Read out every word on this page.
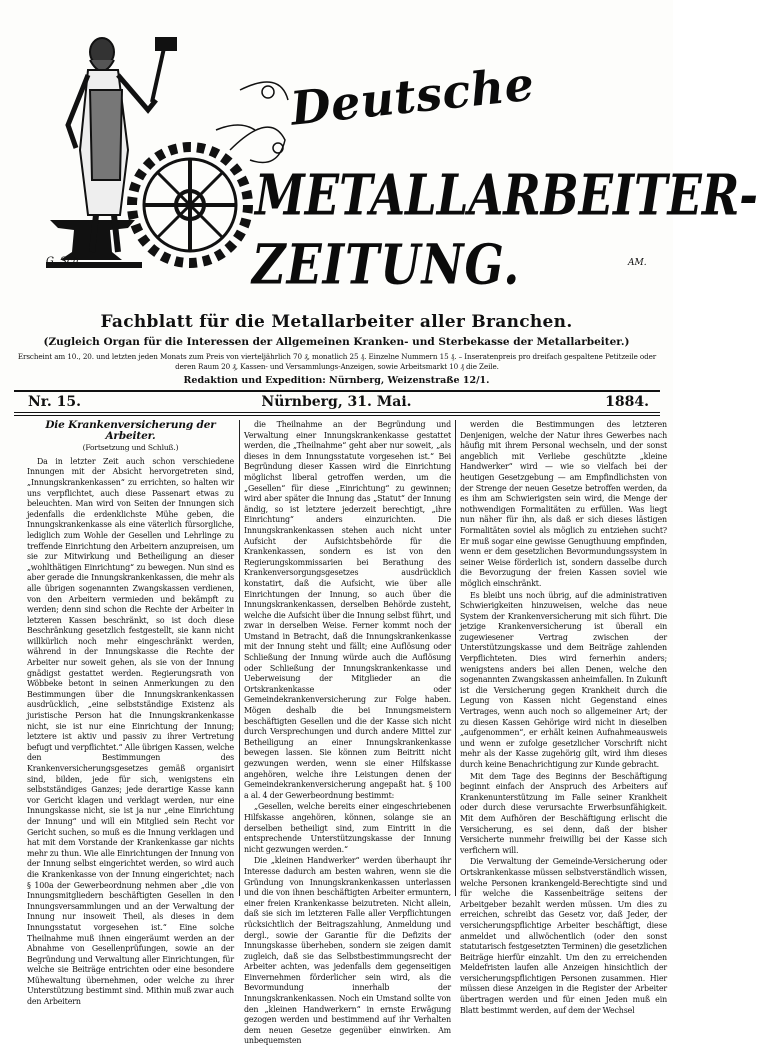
Deutsche
METALLARBEITER-
ZEITUNG.
G. Sch.	AM.
Fachblatt für die Metallarbeiter aller Branchen.
(Zugleich Organ für die Interessen der Allgemeinen Kranken- und Sterbekasse der Metallarbeiter.)
Erscheint am 10., 20. und letzten jeden Monats zum Preis von vierteljährlich 70 ₰, monatlich 25 ₰. Einzelne Nummern 15 ₰. – Inseratenpreis pro dreifach gespaltene Petitzeile oder deren Raum 20 ₰, Kassen- und Versammlungs-Anzeigen, sowie Arbeitsmarkt 10 ₰ die Zeile.
Redaktion und Expedition: Nürnberg, Weizenstraße 12/1.
Nr. 15.	Nürnberg, 31. Mai.	1884.
Die Krankenversicherung der Arbeiter.
(Fortsetzung und Schluß.)

Da in letzter Zeit auch schon verschiedene Innungen mit der Absicht hervorgetreten sind, „Innungskrankenkassen“ zu errichten, so halten wir uns verpflichtet, auch diese Passenart etwas zu beleuchten. Man wird von Seiten der Innungen sich jedenfalls die erdenklichste Mühe geben, die Innungskrankenkasse als eine väterlich fürsorgliche, lediglich zum Wohle der Gesellen und Lehrlinge zu treffende Einrichtung den Arbeitern anzupreisen, um sie zur Mitwirkung und Betheiligung an dieser „wohlthätigen Einrichtung“ zu bewegen. Nun sind es aber gerade die Innungskrankenkassen, die mehr als alle übrigen sogenannten Zwangskassen verdienen, von den Arbeitern vermieden und bekämpft zu werden; denn sind schon die Rechte der Arbeiter in letzteren Kassen beschränkt, so ist doch diese Beschränkung gesetzlich festgestellt, sie kann nicht willkürlich noch mehr eingeschränkt werden, während in der Innungskasse die Rechte der Arbeiter nur soweit gehen, als sie von der Innung gnädigst gestattet werden. Regierungsrath von Wöbbeke betont in seinen Anmerkungen zu den Bestimmungen über die Innungskrankenkassen ausdrücklich, „eine selbstständige Existenz als juristische Person hat die Innungskrankenkasse nicht, sie ist nur eine Einrichtung der Innung; letztere ist aktiv und passiv zu ihrer Vertretung befugt und verpflichtet.“ Alle übrigen Kassen, welche den Bestimmungen des Krankenversicherungsgesetzes gemäß organisirt sind, bilden, jede für sich, wenigstens ein selbstständiges Ganzes; jede derartige Kasse kann vor Gericht klagen und verklagt werden, nur eine Innungskasse nicht, sie ist ja nur „eine Einrichtung der Innung“ und will ein Mitglied sein Recht vor Gericht suchen, so muß es die Innung verklagen und hat mit dem Vorstande der Krankenkasse gar nichts mehr zu thun. Wie alle Einrichtungen der Innung von der Innung selbst eingerichtet werden, so wird auch die Krankenkasse von der Innung eingerichtet; nach § 100a der Gewerbeordnung nehmen aber „die von Innungsmitgliedern beschäftigten Gesellen in den Innungsversammlungen und an der Verwaltung der Innung nur insoweit Theil, als dieses in dem Innungsstatut vorgesehen ist.“ Eine solche Theilnahme muß ihnen eingeräumt werden an der Abnahme von Gesellenprüfungen, sowie an der Begründung und Verwaltung aller Einrichtungen, für welche sie Beiträge entrichten oder eine besondere Mühewaltung übernehmen, oder welche zu ihrer Unterstützung bestimmt sind. Mithin muß zwar auch den Arbeitern

die Theilnahme an der Begründung und Verwaltung einer Innungskrankenkasse gestattet werden, die „Theilnahme“ geht aber nur soweit, „als dieses in dem Innungsstatute vorgesehen ist.“ Bei Begründung dieser Kassen wird die Einrichtung möglichst liberal getroffen werden, um die „Gesellen“ für diese „Einrichtung“ zu gewinnen; wird aber später die Innung das „Statut“ der Innung ändig, so ist letztere jederzeit berechtigt, „ihre Einrichtung“ anders einzurichten. Die Innungskrankenkassen stehen auch nicht unter Aufsicht der Aufsichtsbehörde für die Krankenkassen, sondern es ist von den Regierungskommissarien bei Berathung des Krankenversorgungsgesetzes ausdrücklich konstatirt, daß die Aufsicht, wie über alle Einrichtungen der Innung, so auch über die Innungskrankenkassen, derselben Behörde zusteht, welche die Aufsicht über die Innung selbst führt, und zwar in derselben Weise. Ferner kommt noch der Umstand in Betracht, daß die Innungskrankenkasse mit der Innung steht und fällt; eine Auflösung oder Schließung der Innung würde auch die Auflösung oder Schließung der Innungskrankenkasse und Ueberweisung der Mitglieder an die Ortskrankenkasse oder Gemeindekrankenversicherung zur Folge haben. Mögen deshalb die bei Innungsmeistern beschäftigten Gesellen und die der Kasse sich nicht durch Versprechungen und durch andere Mittel zur Betheiligung an einer Innungskrankenkasse bewegen lassen. Sie können zum Beitritt nicht gezwungen werden, wenn sie einer Hilfskasse angehören, welche ihre Leistungen denen der Gemeindekrankenversicherung angepaßt hat. § 100 a al. 4 der Gewerbeordnung bestimmt:

„Gesellen, welche bereits einer eingeschriebenen Hilfskasse angehören, können, solange sie an derselben betheiligt sind, zum Eintritt in die entsprechende Unterstützungskasse der Innung nicht gezwungen werden.“

Die „kleinen Handwerker“ werden überhaupt ihr Interesse dadurch am besten wahren, wenn sie die Gründung von Innungskrankenkassen unterlassen und die von ihnen beschäftigten Arbeiter ermuntern, einer freien Krankenkasse beizutreten. Nicht allein, daß sie sich im letzteren Falle aller Verpflichtungen rücksichtlich der Beitragszahlung, Anmeldung und dergl., sowie der Garantie für die Defizits der Innungskasse überheben, sondern sie zeigen damit zugleich, daß sie das Selbstbestimmungsrecht der Arbeiter achten, was jedenfalls dem gegenseitigen Einvernehmen förderlicher sein wird, als die Bevormundung innerhalb der Innungskrankenkassen. Noch ein Umstand sollte von den „kleinen Handwerkern“ in ernste Erwägung gezogen werden und bestimmend auf ihr Verhalten dem neuen Gesetze gegenüber einwirken. Am unbequemsten

werden die Bestimmungen des letzteren Denjenigen, welche der Natur ihres Gewerbes nach häufig mit ihrem Personal wechseln, und der sonst angeblich mit Verliebe geschützte „kleine Handwerker“ wird — wie so vielfach bei der heutigen Gesetzgebung — am Empfindlichsten von der Strenge der neuen Gesetze betroffen werden, da es ihm am Schwierigsten sein wird, die Menge der nothwendigen Formalitäten zu erfüllen. Was liegt nun näher für ihn, als daß er sich dieses lästigen Formalitäten soviel als möglich zu entziehen sucht? Er muß sogar eine gewisse Genugthuung empfinden, wenn er dem gesetzlichen Bevormundungssystem in seiner Weise förderlich ist, sondern dasselbe durch die Bevorzugung der freien Kassen soviel wie möglich einschränkt.

Es bleibt uns noch übrig, auf die administrativen Schwierigkeiten hinzuweisen, welche das neue System der Krankenversicherung mit sich führt. Die jetzige Krankenversicherung ist überall ein zugewiesener Vertrag zwischen der Unterstützungskasse und dem Beiträge zahlenden Verpflichteten. Dies wird fernerhin anders; wenigstens anders bei allen Denen, welche den sogenannten Zwangskassen anheimfallen. In Zukunft ist die Versicherung gegen Krankheit durch die Legung von Kassen nicht Gegenstand eines Vertrages, wenn auch noch so allgemeiner Art; der zu diesen Kassen Gehörige wird nicht in dieselben „aufgenommen“, er erhält keinen Aufnahmeausweis und wenn er zufolge gesetzlicher Vorschrift nicht mehr als der Kasse zugehörig gilt, wird ihm dieses durch keine Benachrichtigung zur Kunde gebracht.

Mit dem Tage des Beginns der Beschäftigung beginnt einfach der Anspruch des Arbeiters auf Krankenunterstützung im Falle seiner Krankheit oder durch diese verursachte Erwerbsunfähigkeit. Mit dem Aufhören der Beschäftigung erlischt die Versicherung, es sei denn, daß der bisher Versicherte nunmehr freiwillig bei der Kasse sich verfichern will.

Die Verwaltung der Gemeinde-Versicherung oder Ortskrankenkasse müssen selbstverständlich wissen, welche Personen krankengeld-Berechtigte sind und für welche die Kassenbeiträge seitens der Arbeitgeber bezahlt werden müssen. Um dies zu erreichen, schreibt das Gesetz vor, daß Jeder, der versicherungspflichtige Arbeiter beschäftigt, diese anmeldet und allwöchentlich (oder den sonst statutarisch festgesetzten Terminen) die gesetzlichen Beiträge hierfür einzahlt. Um den zu erreichenden Meldefristen laufen alle Anzeigen hinsichtlich der versicherungspflichtigen Personen zusammen. Hier müssen diese Anzeigen in die Register der Arbeiter übertragen werden und für einen Jeden muß ein Blatt bestimmt werden, auf dem der Wechsel
